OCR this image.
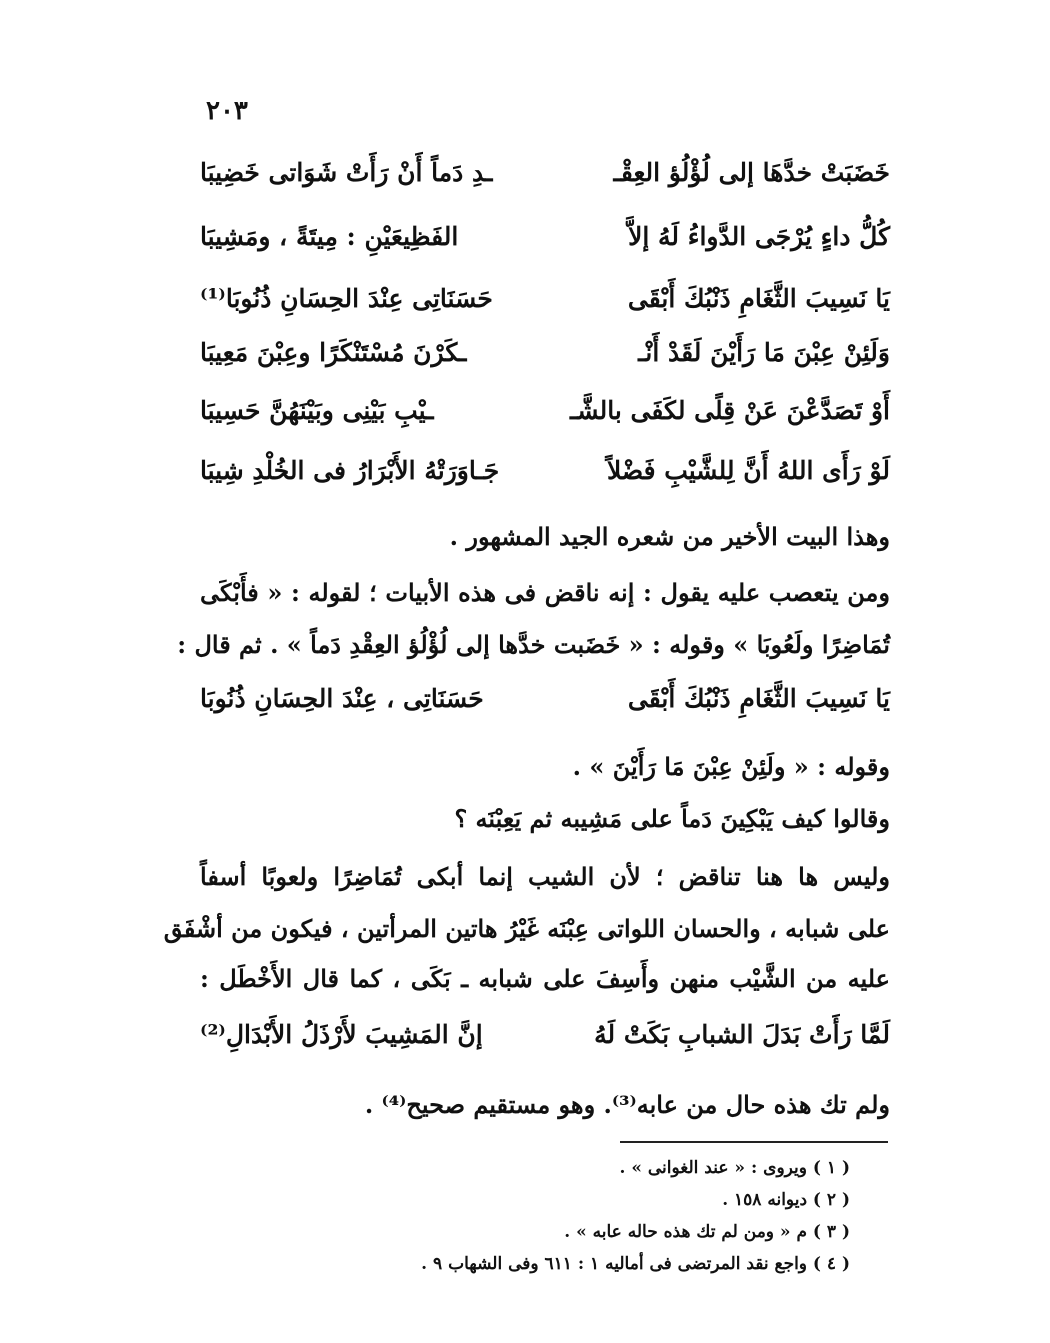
٢٠٣
خَضَبَتْ خدَّهَا إلى لُؤْلُؤ العِقْـ
ـدِ دَماً أَنْ رَأَتْ شَوَاتى خَضِيبَا
كُلُّ داءٍ يُرْجَى الدَّواءُ لَهُ إلاَّ
الفَظِيعَيْنِ : مِيتَةً ، ومَشِيبَا
يَا نَسِيبَ الثَّغَامِ ذَنْبُكَ أَبْقَى
حَسَنَاتِى عِنْدَ الحِسَانِ ذُنُوبَا⁽¹⁾
وَلَئِنْ عِبْنَ مَا رَأَيْنَ لَقَدْ أَنْـ
ـكَرْنَ مُسْتَنْكَرًا وعِبْنَ مَعِيبَا
أَوْ تَصَدَّعْنَ عَنْ قِلًى لكَفَى بالشَّـ
ـيْبِ بَيْنِى وبَيْنَهُنَّ حَسِيبَا
لَوْ رَأَى اللهُ أَنَّ لِلشَّيْبِ فَضْلاً
جَـاوَرَتْهُ الأَبْرَارُ فى الخُلْدِ شِيبَا
وهذا البيت الأخير من شعره الجيد المشهور .
ومن يتعصب عليه يقول : إنه ناقض فى هذه الأبيات ؛ لقوله : « فأَبْكَى
تُمَاضِرًا ولَعُوبَا » وقوله : « خَضَبت خدَّها إلى لُؤْلُؤ العِقْدِ دَماً » . ثم قال :
يَا نَسِيبَ الثَّغَامِ ذَنْبُكَ أَبْقَى
حَسَنَاتِى ، عِنْدَ الحِسَانِ ذُنُوبَا
وقوله : « ولَئِنْ عِبْنَ مَا رَأَيْنَ » .
وقالوا كيف يَبْكِينَ دَماً على مَشِيبه ثم يَعِبْنَه ؟
وليس ها هنا تناقض ؛ لأن الشيب إنما أبكى تُمَاضِرًا ولعوبًا أسفاً
على شبابه ، والحسان اللواتى عِبْنَه غَيْرُ هاتين المرأتين ، فيكون من أشْفَق
عليه من الشَّيْب منهن وأَسِفَ على شبابه ـ بَكَى ، كما قال الأَخْطَل :
لَمَّا رَأَتْ بَدَلَ الشبابِ بَكَتْ لَهُ
إنَّ المَشِيبَ لأَرْذَلُ الأَبْدَالِ⁽²⁾
ولم تك هذه حال من عابه⁽³⁾. وهو مستقيم صحيح⁽⁴⁾ .
( ١ ) ويروى : « عند الغوانى » .
( ٢ ) ديوانه ١٥٨ .
( ٣ ) م « ومن لم تك هذه حاله عابه » .
( ٤ ) واجع نقد المرتضى فى أماليه ١ : ٦١١ وفى الشهاب ٩ .
